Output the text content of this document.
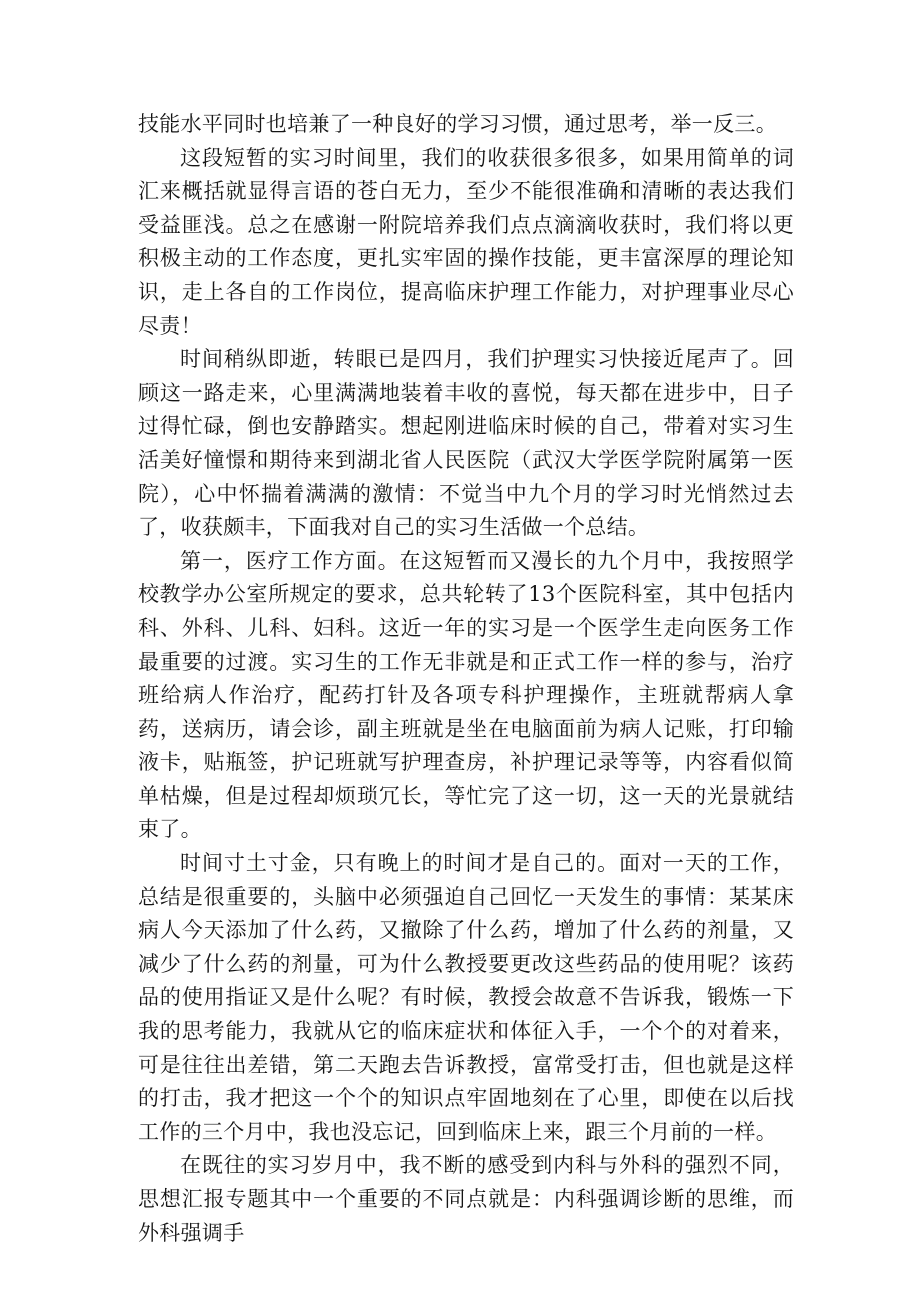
技能水平同时也培兼了一种良好的学习习惯，通过思考，举一反三。

这段短暂的实习时间里，我们的收获很多很多，如果用简单的词汇来概括就显得言语的苍白无力，至少不能很准确和清晰的表达我们受益匪浅。总之在感谢一附院培养我们点点滴滴收获时，我们将以更积极主动的工作态度，更扎实牢固的操作技能，更丰富深厚的理论知识，走上各自的工作岗位，提高临床护理工作能力，对护理事业尽心尽责！

时间稍纵即逝，转眼已是四月，我们护理实习快接近尾声了。回顾这一路走来，心里满满地装着丰收的喜悦，每天都在进步中，日子过得忙碌，倒也安静踏实。想起刚进临床时候的自己，带着对实习生活美好憧憬和期待来到湖北省人民医院（武汉大学医学院附属第一医院），心中怀揣着满满的激情：不觉当中九个月的学习时光悄然过去了，收获颇丰，下面我对自己的实习生活做一个总结。

第一，医疗工作方面。在这短暂而又漫长的九个月中，我按照学校教学办公室所规定的要求，总共轮转了13个医院科室，其中包括内科、外科、儿科、妇科。这近一年的实习是一个医学生走向医务工作最重要的过渡。实习生的工作无非就是和正式工作一样的参与，治疗班给病人作治疗，配药打针及各项专科护理操作，主班就帮病人拿药，送病历，请会诊，副主班就是坐在电脑面前为病人记账，打印输液卡，贴瓶签，护记班就写护理查房，补护理记录等等，内容看似简单枯燥，但是过程却烦琐冗长，等忙完了这一切，这一天的光景就结束了。

时间寸土寸金，只有晚上的时间才是自己的。面对一天的工作，总结是很重要的，头脑中必须强迫自己回忆一天发生的事情：某某床病人今天添加了什么药，又撤除了什么药，增加了什么药的剂量，又减少了什么药的剂量，可为什么教授要更改这些药品的使用呢？该药品的使用指证又是什么呢？有时候，教授会故意不告诉我，锻炼一下我的思考能力，我就从它的临床症状和体征入手，一个个的对着来，可是往往出差错，第二天跑去告诉教授，富常受打击，但也就是这样的打击，我才把这一个个的知识点牢固地刻在了心里，即使在以后找工作的三个月中，我也没忘记，回到临床上来，跟三个月前的一样。

在既往的实习岁月中，我不断的感受到内科与外科的强烈不同，思想汇报专题其中一个重要的不同点就是：内科强调诊断的思维，而外科强调手
